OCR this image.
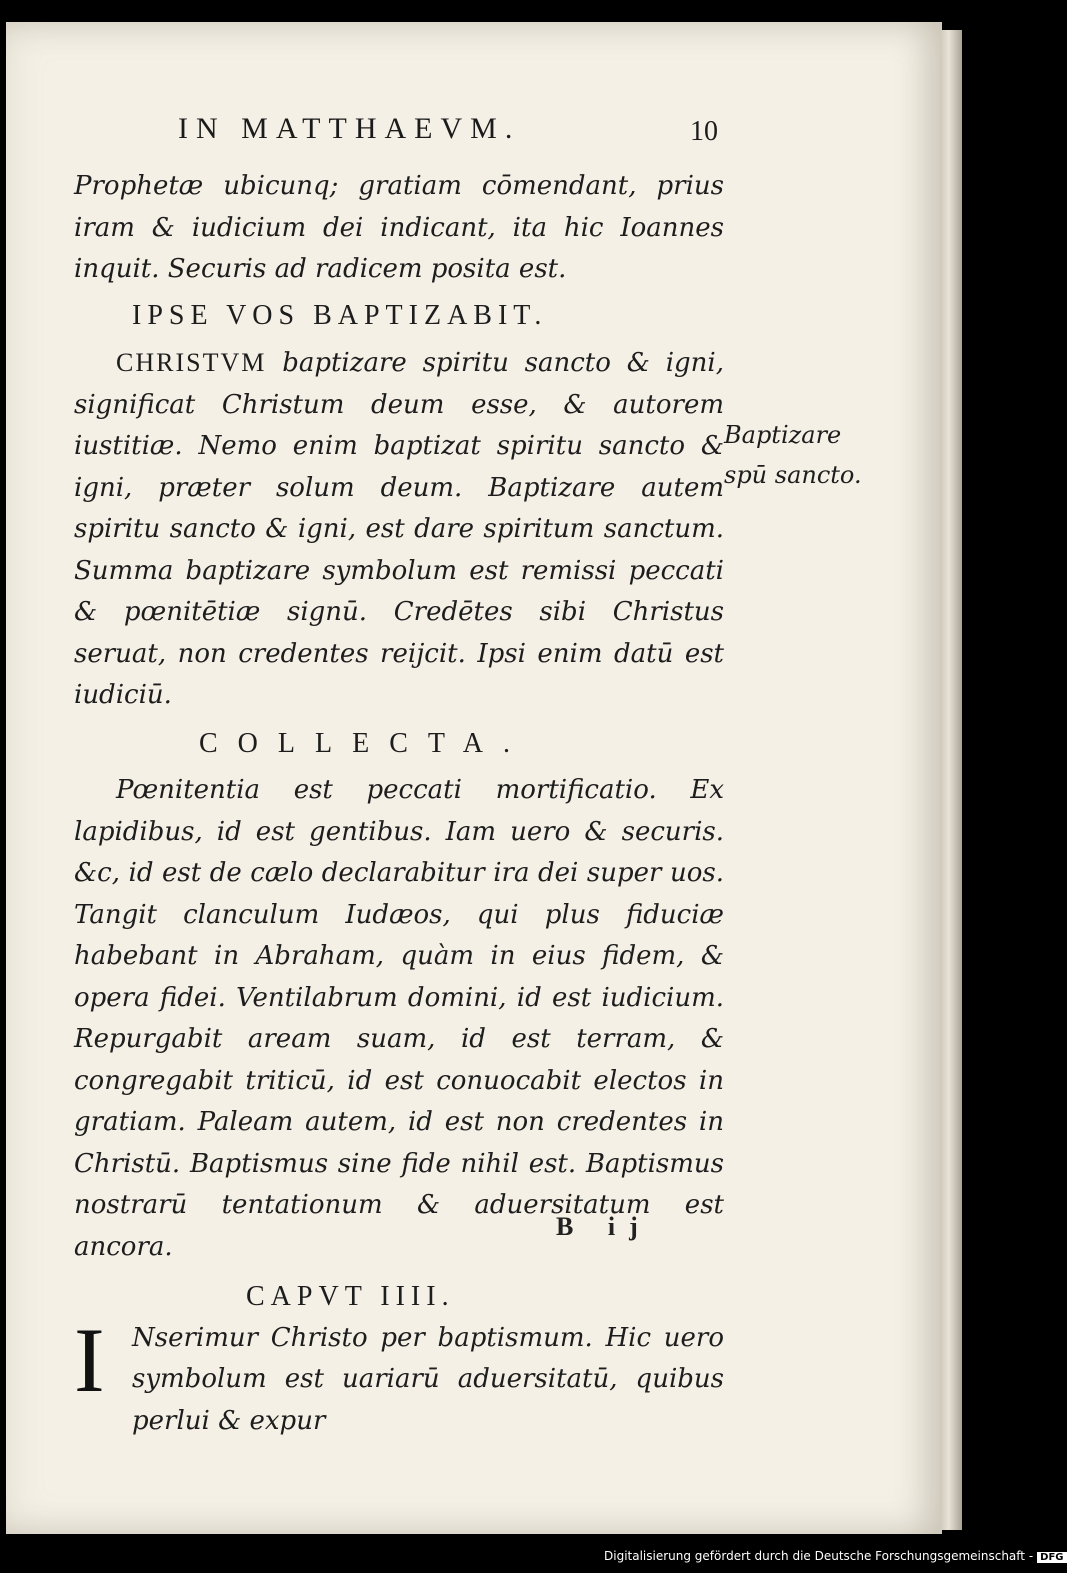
IN MATTHAEVM.	10

Prophetæ ubicunq; gratiam cōmendant, prius iram & iudicium dei indicant, ita hic Ioannes inquit. Securis ad radicem posita est.

IPSE VOS BAPTIZABIT.

CHRISTVM baptizare spiritu sancto & igni, significat Christum deum esse, & autorem iustitiæ. Nemo enim baptizat spiritu sancto & igni, præter solum deum. Baptizare autem spiritu sancto & igni, est dare spiritum sanctum. Summa baptizare symbolum est remissi peccati & pœnitētiæ signū. Credētes sibi Christus seruat, non credentes reijcit. Ipsi enim datū est iudiciū.

COLLECTA.

Pœnitentia est peccati mortificatio. Ex lapidibus, id est gentibus. Iam uero & securis. &c, id est de cælo declarabitur ira dei super uos. Tangit clanculum Iudæos, qui plus fiduciæ habebant in Abraham, quàm in eius fidem, & opera fidei. Ventilabrum domini, id est iudicium. Repurgabit aream suam, id est terram, & congregabit triticū, id est conuocabit electos in gratiam. Paleam autem, id est non credentes in Christū. Baptismus sine fide nihil est. Baptismus nostrarū tentationum & aduersitatum est ancora.

CAPVT IIII.

I Nserimur Christo per baptismum. Hic uero symbolum est uariarū aduersitatū, quibus perlui & expur

Baptizare spū sancto.
B ij
Digitalisierung gefördert durch die Deutsche Forschungsgemeinschaft - DFG
